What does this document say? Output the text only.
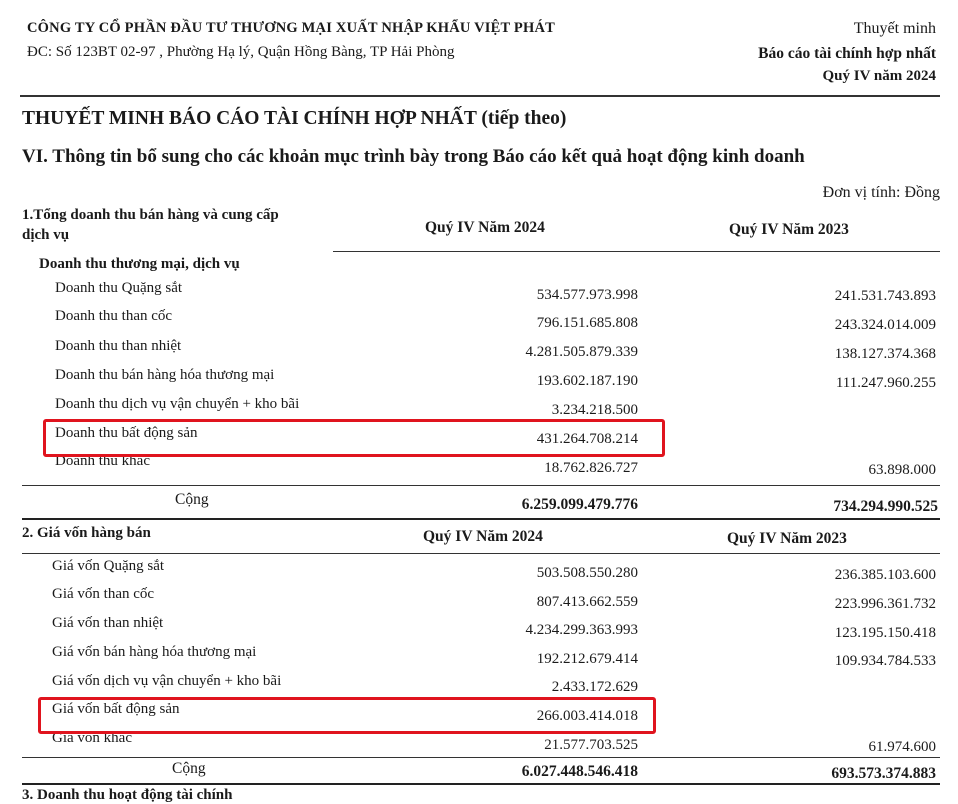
CÔNG TY CỔ PHẦN ĐẦU TƯ THƯƠNG MẠI XUẤT NHẬP KHẨU VIỆT PHÁT
ĐC: Số 123BT 02-97 , Phường Hạ lý, Quận Hồng Bàng, TP Hải Phòng
Thuyết minh
Báo cáo tài chính hợp nhất
Quý IV năm 2024
THUYẾT MINH BÁO CÁO TÀI CHÍNH HỢP NHẤT (tiếp theo)
VI. Thông tin bổ sung cho các khoản mục trình bày trong Báo cáo kết quả hoạt động kinh doanh
Đơn vị tính: Đồng
1.Tổng doanh thu bán hàng và cung cấp
dịch vụ	Quý IV Năm 2024	Quý IV Năm 2023
Doanh thu thương mại, dịch vụ
Doanh thu Quặng sắt	534.577.973.998	241.531.743.893
Doanh thu than cốc	796.151.685.808	243.324.014.009
Doanh thu than nhiệt	4.281.505.879.339	138.127.374.368
Doanh thu bán hàng hóa thương mại	193.602.187.190	111.247.960.255
Doanh thu dịch vụ vận chuyển + kho bãi	3.234.218.500
Doanh thu bất động sản	431.264.708.214
Doanh thu khác	18.762.826.727	63.898.000
Cộng	6.259.099.479.776	734.294.990.525
2. Giá vốn hàng bán	Quý IV Năm 2024	Quý IV Năm 2023
Giá vốn Quặng sắt	503.508.550.280	236.385.103.600
Giá vốn than cốc	807.413.662.559	223.996.361.732
Giá vốn than nhiệt	4.234.299.363.993	123.195.150.418
Giá vốn bán hàng hóa thương mại	192.212.679.414	109.934.784.533
Giá vốn dịch vụ vận chuyển + kho bãi	2.433.172.629
Giá vốn bất động sản	266.003.414.018
Giá vốn khác	21.577.703.525	61.974.600
Cộng	6.027.448.546.418	693.573.374.883
3. Doanh thu hoạt động tài chính
